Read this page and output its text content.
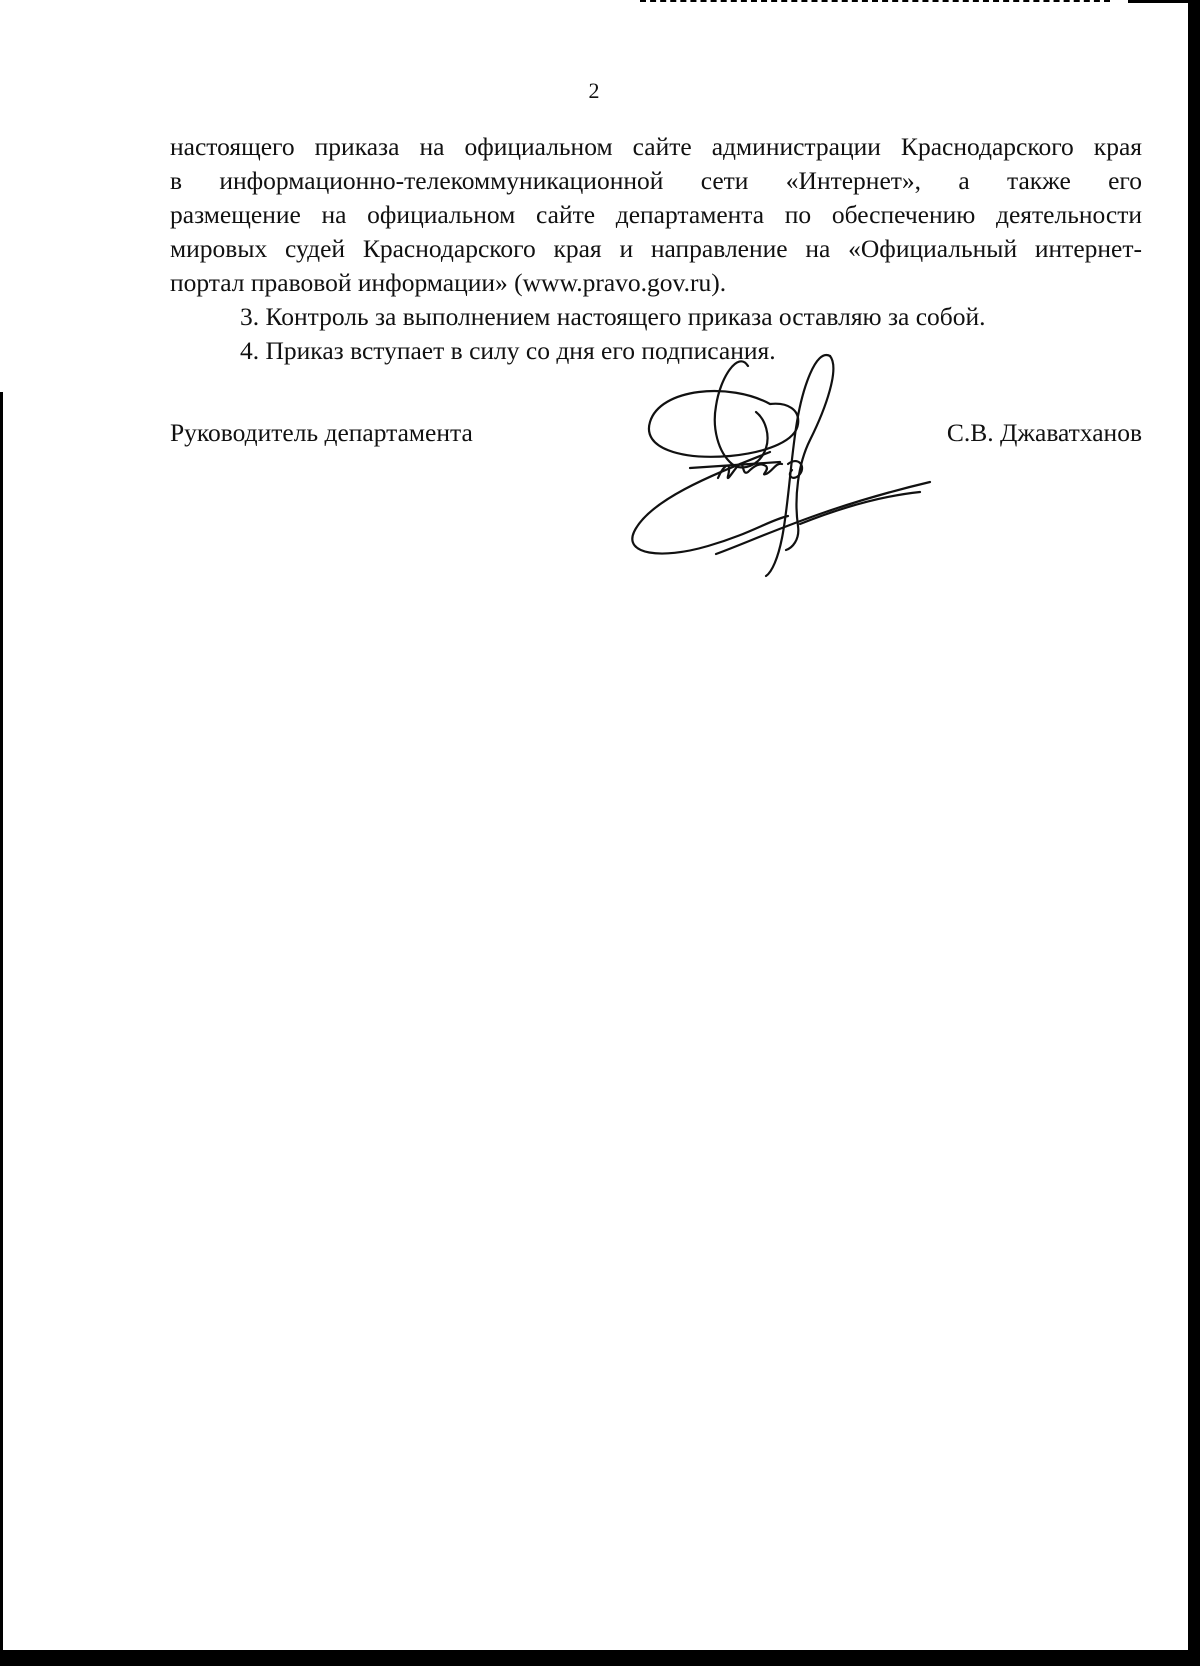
2

настоящего приказа на официальном сайте администрации Краснодарского края

в информационно-телекоммуникационной сети «Интернет», а также его

размещение на официальном сайте департамента по обеспечению деятельности

мировых судей Краснодарского края и направление на «Официальный интернет-

портал правовой информации» (www.pravo.gov.ru).

3. Контроль за выполнением настоящего приказа оставляю за собой.

4. Приказ вступает в силу со дня его подписания.

Руководитель департамента	С.В. Джаватханов
